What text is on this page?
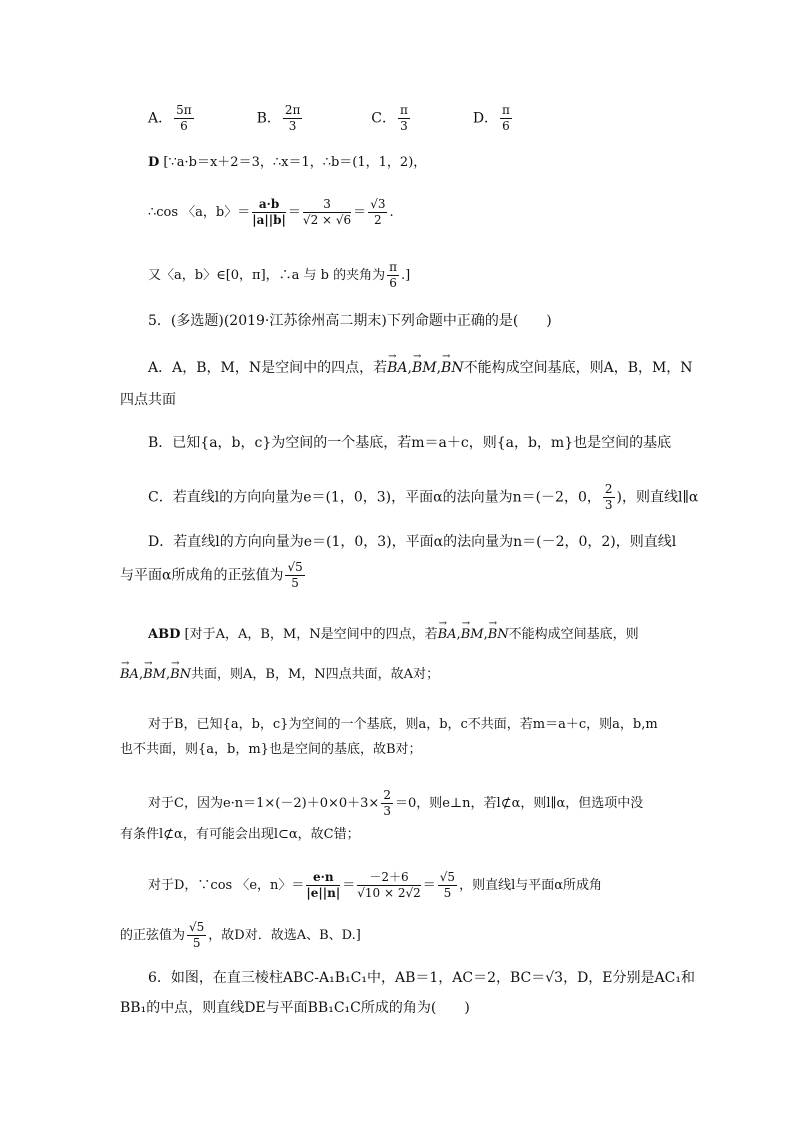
A． $\frac{5\pi}{6}$	B． $\frac{2\pi}{3}$	C． $\frac{\pi}{3}$	D． $\frac{\pi}{6}$
D [∵a·b＝x＋2＝3，∴x＝1，∴b＝(1，1，2)，
∴cos 〈a，b〉＝ $\frac{a\cdot b}{|a||b|} = \frac{3}{√2 \times √6} = \frac{√3}{2}$ .
又〈a，b〉∈[0，π]，∴a 与 b 的夹角为 $\frac{\pi}{6}$ .]
5．(多选题)(2019·江苏徐州高二期末)下列命题中正确的是(　　)
A．A，B，M，N是空间中的四点，若→ BA,→ BM,→ BN不能构成空间基底，则A，B，M，N
四点共面
B．已知{a，b，c}为空间的一个基底，若m＝a＋c，则{a，b，m}也是空间的基底
C．若直线l的方向向量为e＝(1，0，3)，平面α的法向量为n＝(－2，0， $\frac{2}{3}$ )，则直线l∥α
D．若直线l的方向向量为e＝(1，0，3)，平面α的法向量为n＝(－2，0，2)，则直线l
与平面α所成角的正弦值为 $\frac{√5}{5}$
ABD [对于A，A，B，M，N是空间中的四点，若→ BA,→ BM,→ BN不能构成空间基底，则
→ BA,→ BM,→ BN共面，则A，B，M，N四点共面，故A对；
对于B，已知{a，b，c}为空间的一个基底，则a，b，c不共面，若m＝a＋c，则a，b,m
也不共面，则{a，b，m}也是空间的基底，故B对；
对于C，因为$e\cdot n=1\times(-2)+0\times 0+3\times \frac{2}{3} =0$，则e⊥n，若l⊄α，则l∥α，但选项中没
有条件l⊄α，有可能会出现l⊂α，故C错；
对于D，∵cos 〈e，n〉＝ $\frac{e\cdot n}{|e||n|} = \frac{-2+6}{√10 \times 2√2} = \frac{√5}{5}$ ，则直线l与平面α所成角
的正弦值为 $\frac{√5}{5}$ ，故D对．故选A、B、D.]
6．如图，在直三棱柱ABC-A₁B₁C₁中，AB＝1，AC＝2，BC＝√3，D，E分别是AC₁和
BB₁的中点，则直线DE与平面BB₁C₁C所成的角为(　　)
